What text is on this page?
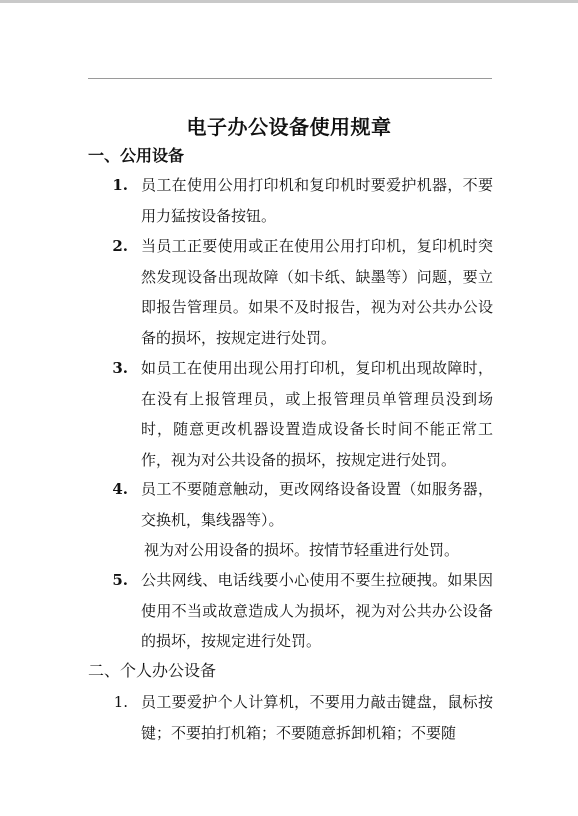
电子办公设备使用规章
一、公用设备
1. 员工在使用公用打印机和复印机时要爱护机器，不要用力猛按设备按钮。
2. 当员工正要使用或正在使用公用打印机，复印机时突然发现设备出现故障（如卡纸、缺墨等）问题，要立即报告管理员。如果不及时报告，视为对公共办公设备的损坏，按规定进行处罚。
3. 如员工在使用出现公用打印机，复印机出现故障时，在没有上报管理员，或上报管理员单管理员没到场时，随意更改机器设置造成设备长时间不能正常工作，视为对公共设备的损坏，按规定进行处罚。
4. 员工不要随意触动，更改网络设备设置（如服务器，交换机，集线器等）。
视为对公用设备的损坏。按情节轻重进行处罚。
5. 公共网线、电话线要小心使用不要生拉硬拽。如果因使用不当或故意造成人为损坏，视为对公共办公设备的损坏，按规定进行处罚。
二、个人办公设备
1. 员工要爱护个人计算机，不要用力敲击键盘，鼠标按键；不要拍打机箱；不要随意拆卸机箱；不要随
